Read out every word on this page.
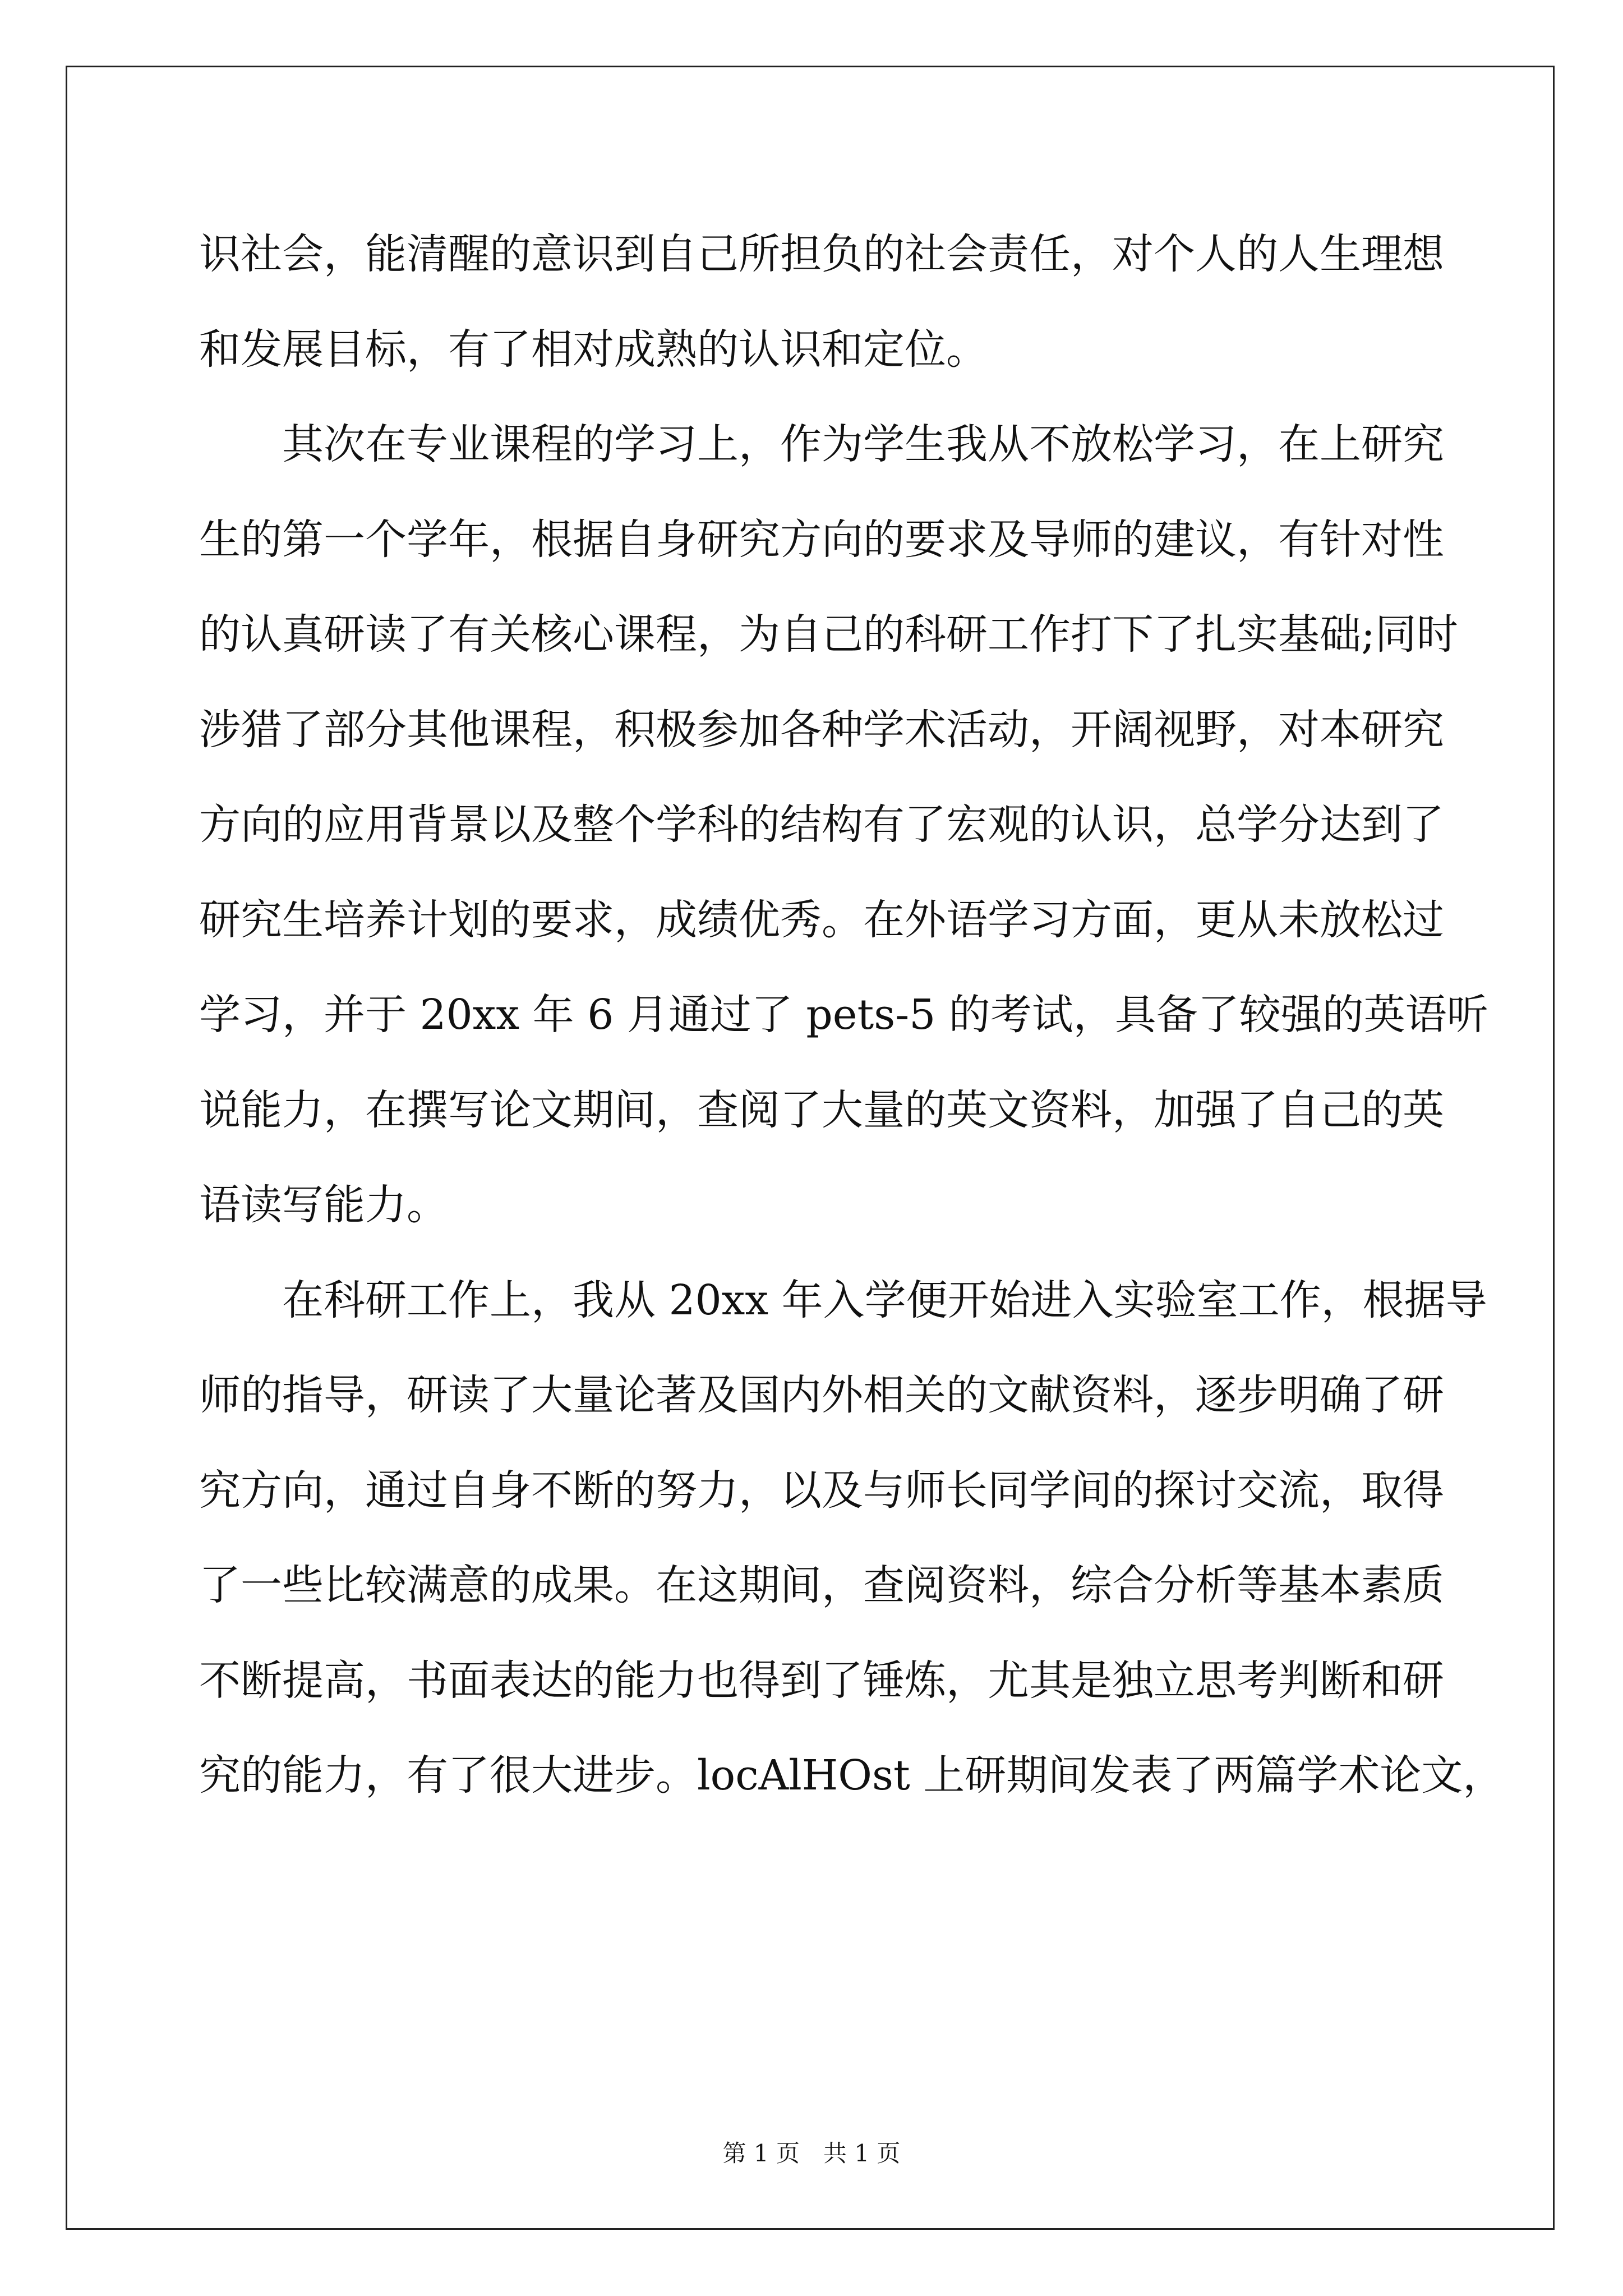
识社会，能清醒的意识到自己所担负的社会责任，对个人的人生理想
和发展目标，有了相对成熟的认识和定位。
　　其次在专业课程的学习上，作为学生我从不放松学习，在上研究
生的第一个学年，根据自身研究方向的要求及导师的建议，有针对性
的认真研读了有关核心课程，为自己的科研工作打下了扎实基础;同时
涉猎了部分其他课程，积极参加各种学术活动，开阔视野，对本研究
方向的应用背景以及整个学科的结构有了宏观的认识，总学分达到了
研究生培养计划的要求，成绩优秀。在外语学习方面，更从未放松过
学习，并于 20xx 年 6 月通过了 pets-5 的考试，具备了较强的英语听
说能力，在撰写论文期间，查阅了大量的英文资料，加强了自己的英
语读写能力。
　　在科研工作上，我从 20xx 年入学便开始进入实验室工作，根据导
师的指导，研读了大量论著及国内外相关的文献资料，逐步明确了研
究方向，通过自身不断的努力，以及与师长同学间的探讨交流，取得
了一些比较满意的成果。在这期间，查阅资料，综合分析等基本素质
不断提高，书面表达的能力也得到了锤炼，尤其是独立思考判断和研
究的能力，有了很大进步。locAlHOst 上研期间发表了两篇学术论文，
第 1 页　共 1 页
